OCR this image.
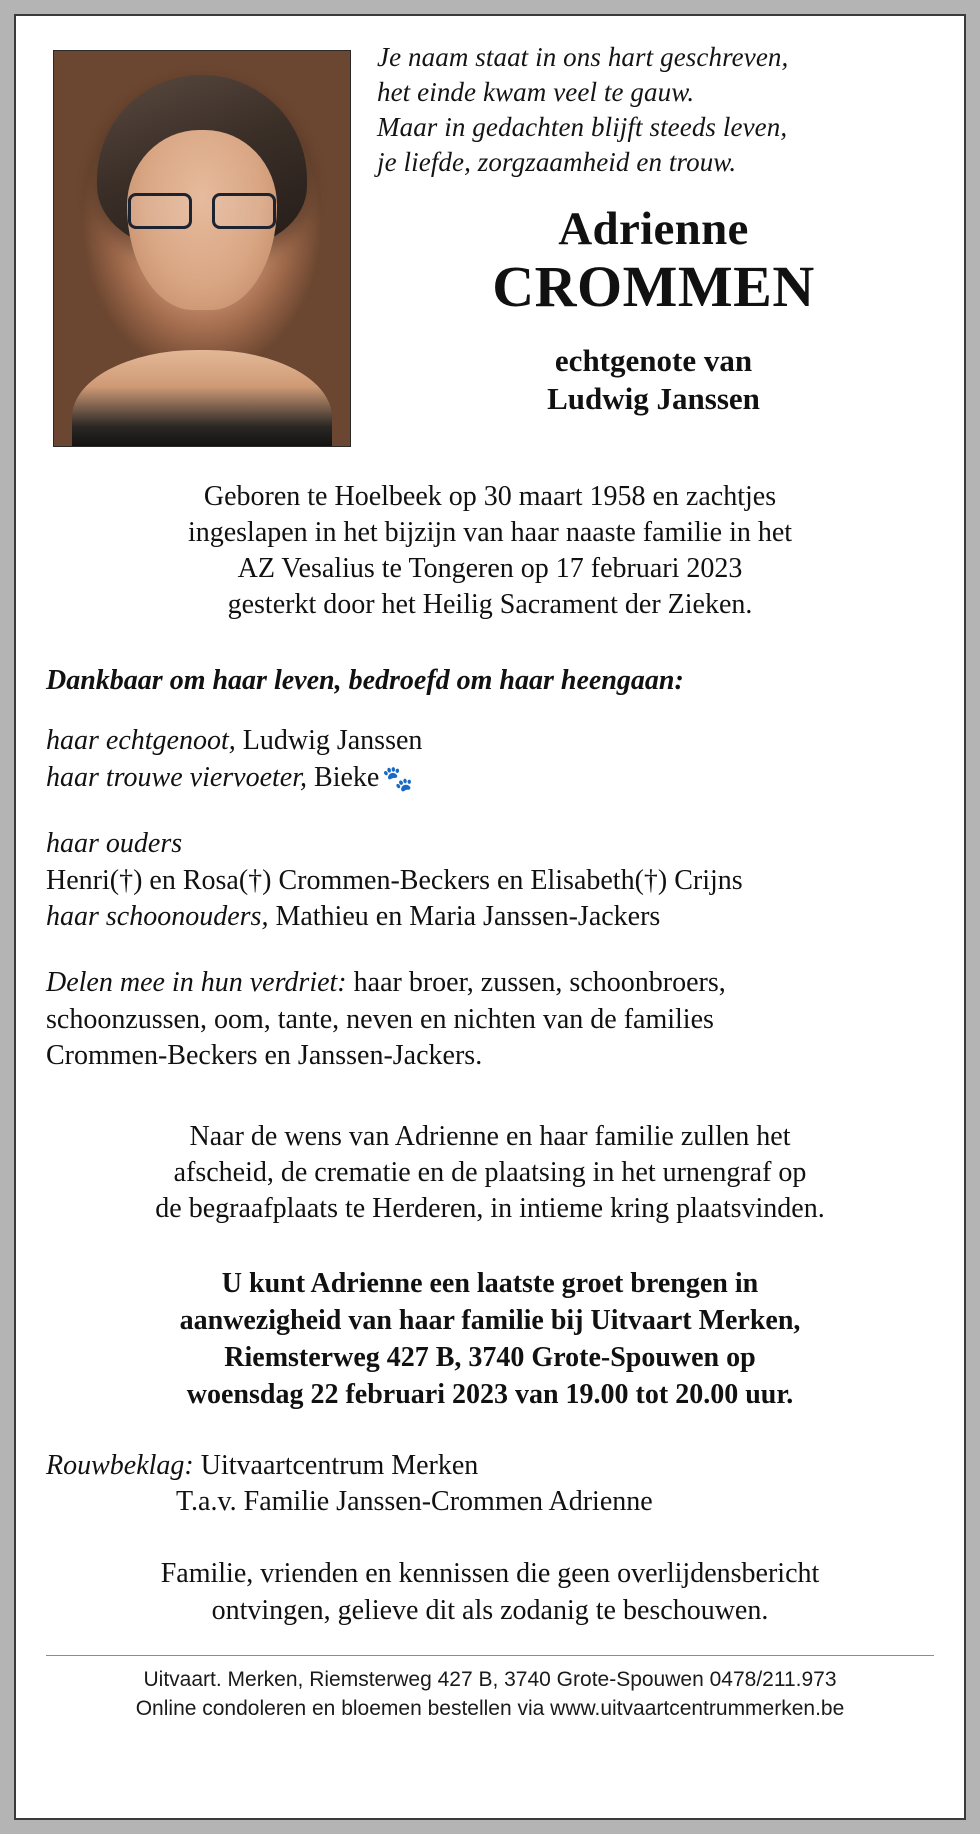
Je naam staat in ons hart geschreven,
het einde kwam veel te gauw.
Maar in gedachten blijft steeds leven,
je liefde, zorgzaamheid en trouw.
Adrienne
CROMMEN
echtgenote van
Ludwig Janssen
Geboren te Hoelbeek op 30 maart 1958 en zachtjes
ingeslapen in het bijzijn van haar naaste familie in het
AZ Vesalius te Tongeren op 17 februari 2023
gesterkt door het Heilig Sacrament der Zieken.
Dankbaar om haar leven, bedroefd om haar heengaan:
haar echtgenoot, Ludwig Janssen
haar trouwe viervoeter, Bieke 🐾
haar ouders
Henri(†) en Rosa(†) Crommen-Beckers en Elisabeth(†) Crijns
haar schoonouders, Mathieu en Maria Janssen-Jackers
Delen mee in hun verdriet: haar broer, zussen, schoonbroers,
schoonzussen, oom, tante, neven en nichten van de families
Crommen-Beckers en Janssen-Jackers.
Naar de wens van Adrienne en haar familie zullen het
afscheid, de crematie en de plaatsing in het urnengraf op
de begraafplaats te Herderen, in intieme kring plaatsvinden.
U kunt Adrienne een laatste groet brengen in
aanwezigheid van haar familie bij Uitvaart Merken,
Riemsterweg 427 B, 3740 Grote-Spouwen op
woensdag 22 februari 2023 van 19.00 tot 20.00 uur.
Rouwbeklag: Uitvaartcentrum Merken
T.a.v. Familie Janssen-Crommen Adrienne
Familie, vrienden en kennissen die geen overlijdensbericht
ontvingen, gelieve dit als zodanig te beschouwen.
Uitvaart. Merken, Riemsterweg 427 B, 3740 Grote-Spouwen 0478/211.973
Online condoleren en bloemen bestellen via www.uitvaartcentrummerken.be
